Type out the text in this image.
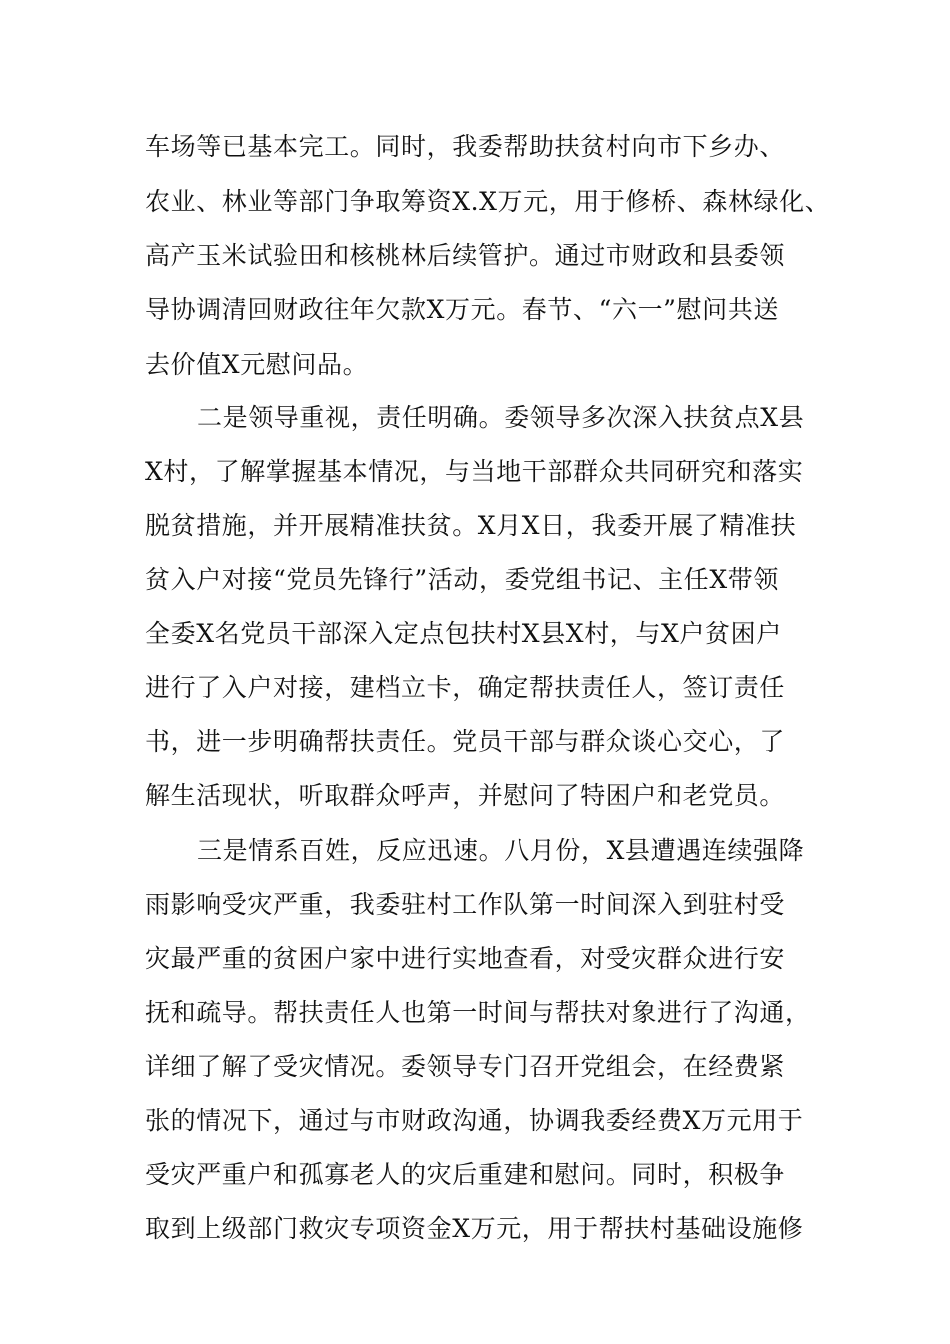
车场等已基本完工。同时，我委帮助扶贫村向市下乡办、
农业、林业等部门争取筹资X.X万元，用于修桥、森林绿化、
高产玉米试验田和核桃林后续管护。通过市财政和县委领
导协调清回财政往年欠款X万元。春节、“六一”慰问共送
去价值X元慰问品。
二是领导重视，责任明确。委领导多次深入扶贫点X县
X村，了解掌握基本情况，与当地干部群众共同研究和落实
脱贫措施，并开展精准扶贫。X月X日，我委开展了精准扶
贫入户对接“党员先锋行”活动，委党组书记、主任X带领
全委X名党员干部深入定点包扶村X县X村，与X户贫困户
进行了入户对接，建档立卡，确定帮扶责任人，签订责任
书，进一步明确帮扶责任。党员干部与群众谈心交心，了
解生活现状，听取群众呼声，并慰问了特困户和老党员。
三是情系百姓，反应迅速。八月份，X县遭遇连续强降
雨影响受灾严重，我委驻村工作队第一时间深入到驻村受
灾最严重的贫困户家中进行实地查看，对受灾群众进行安
抚和疏导。帮扶责任人也第一时间与帮扶对象进行了沟通，
详细了解了受灾情况。委领导专门召开党组会，在经费紧
张的情况下，通过与市财政沟通，协调我委经费X万元用于
受灾严重户和孤寡老人的灾后重建和慰问。同时，积极争
取到上级部门救灾专项资金X万元，用于帮扶村基础设施修
